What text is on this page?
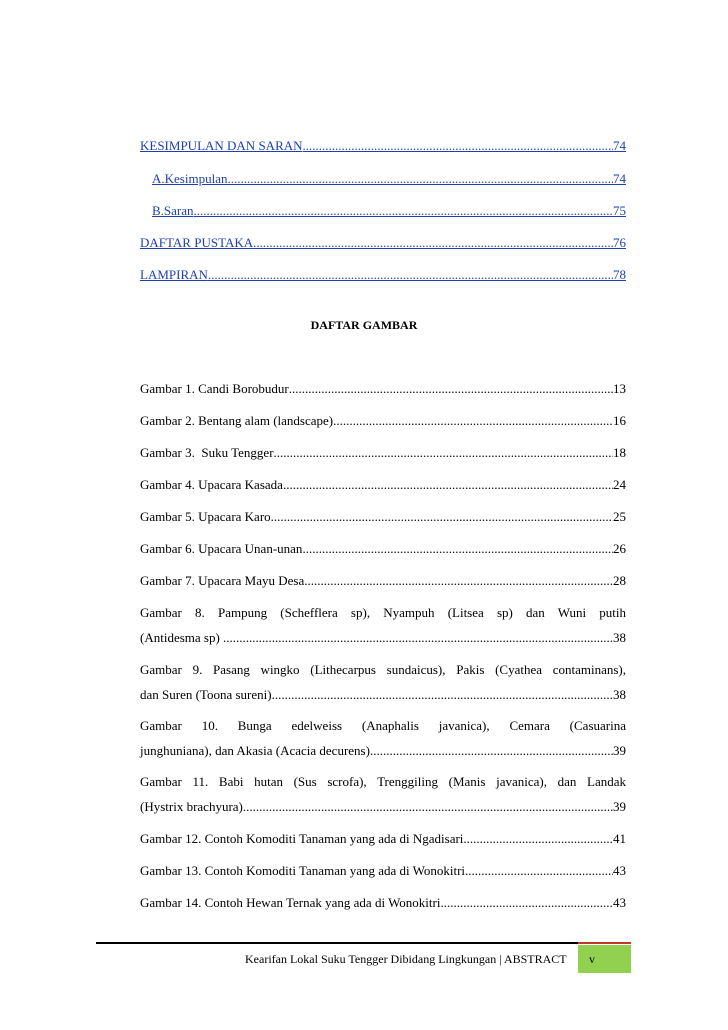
KESIMPULAN DAN SARAN .....	74
A.Kesimpulan .....	74
B.Saran .....	75
DAFTAR PUSTAKA .....	76
LAMPIRAN .....	78
DAFTAR GAMBAR
Gambar 1. Candi Borobudur .....	13
Gambar 2. Bentang alam (landscape) .....	16
Gambar 3.  Suku Tengger .....	18
Gambar 4. Upacara Kasada .....	24
Gambar 5. Upacara Karo .....	25
Gambar 6. Upacara Unan-unan .....	26
Gambar 7. Upacara Mayu Desa .....	28
Gambar 8. Pampung (Schefflera sp), Nyampuh (Litsea sp) dan Wuni putih
(Antidesma sp) .....	38
Gambar 9. Pasang wingko (Lithecarpus sundaicus), Pakis (Cyathea contaminans),
dan Suren (Toona sureni) .....	38
Gambar 10. Bunga edelweiss (Anaphalis javanica), Cemara (Casuarina
junghuniana), dan Akasia (Acacia decurens) .....	39
Gambar 11. Babi hutan (Sus scrofa), Trenggiling (Manis javanica), dan Landak
(Hystrix brachyura) .....	39
Gambar 12. Contoh Komoditi Tanaman yang ada di Ngadisari .....	41
Gambar 13. Contoh Komoditi Tanaman yang ada di Wonokitri .....	43
Gambar 14. Contoh Hewan Ternak yang ada di Wonokitri .....	43
Kearifan Lokal Suku Tengger Dibidang Lingkungan | ABSTRACT v
